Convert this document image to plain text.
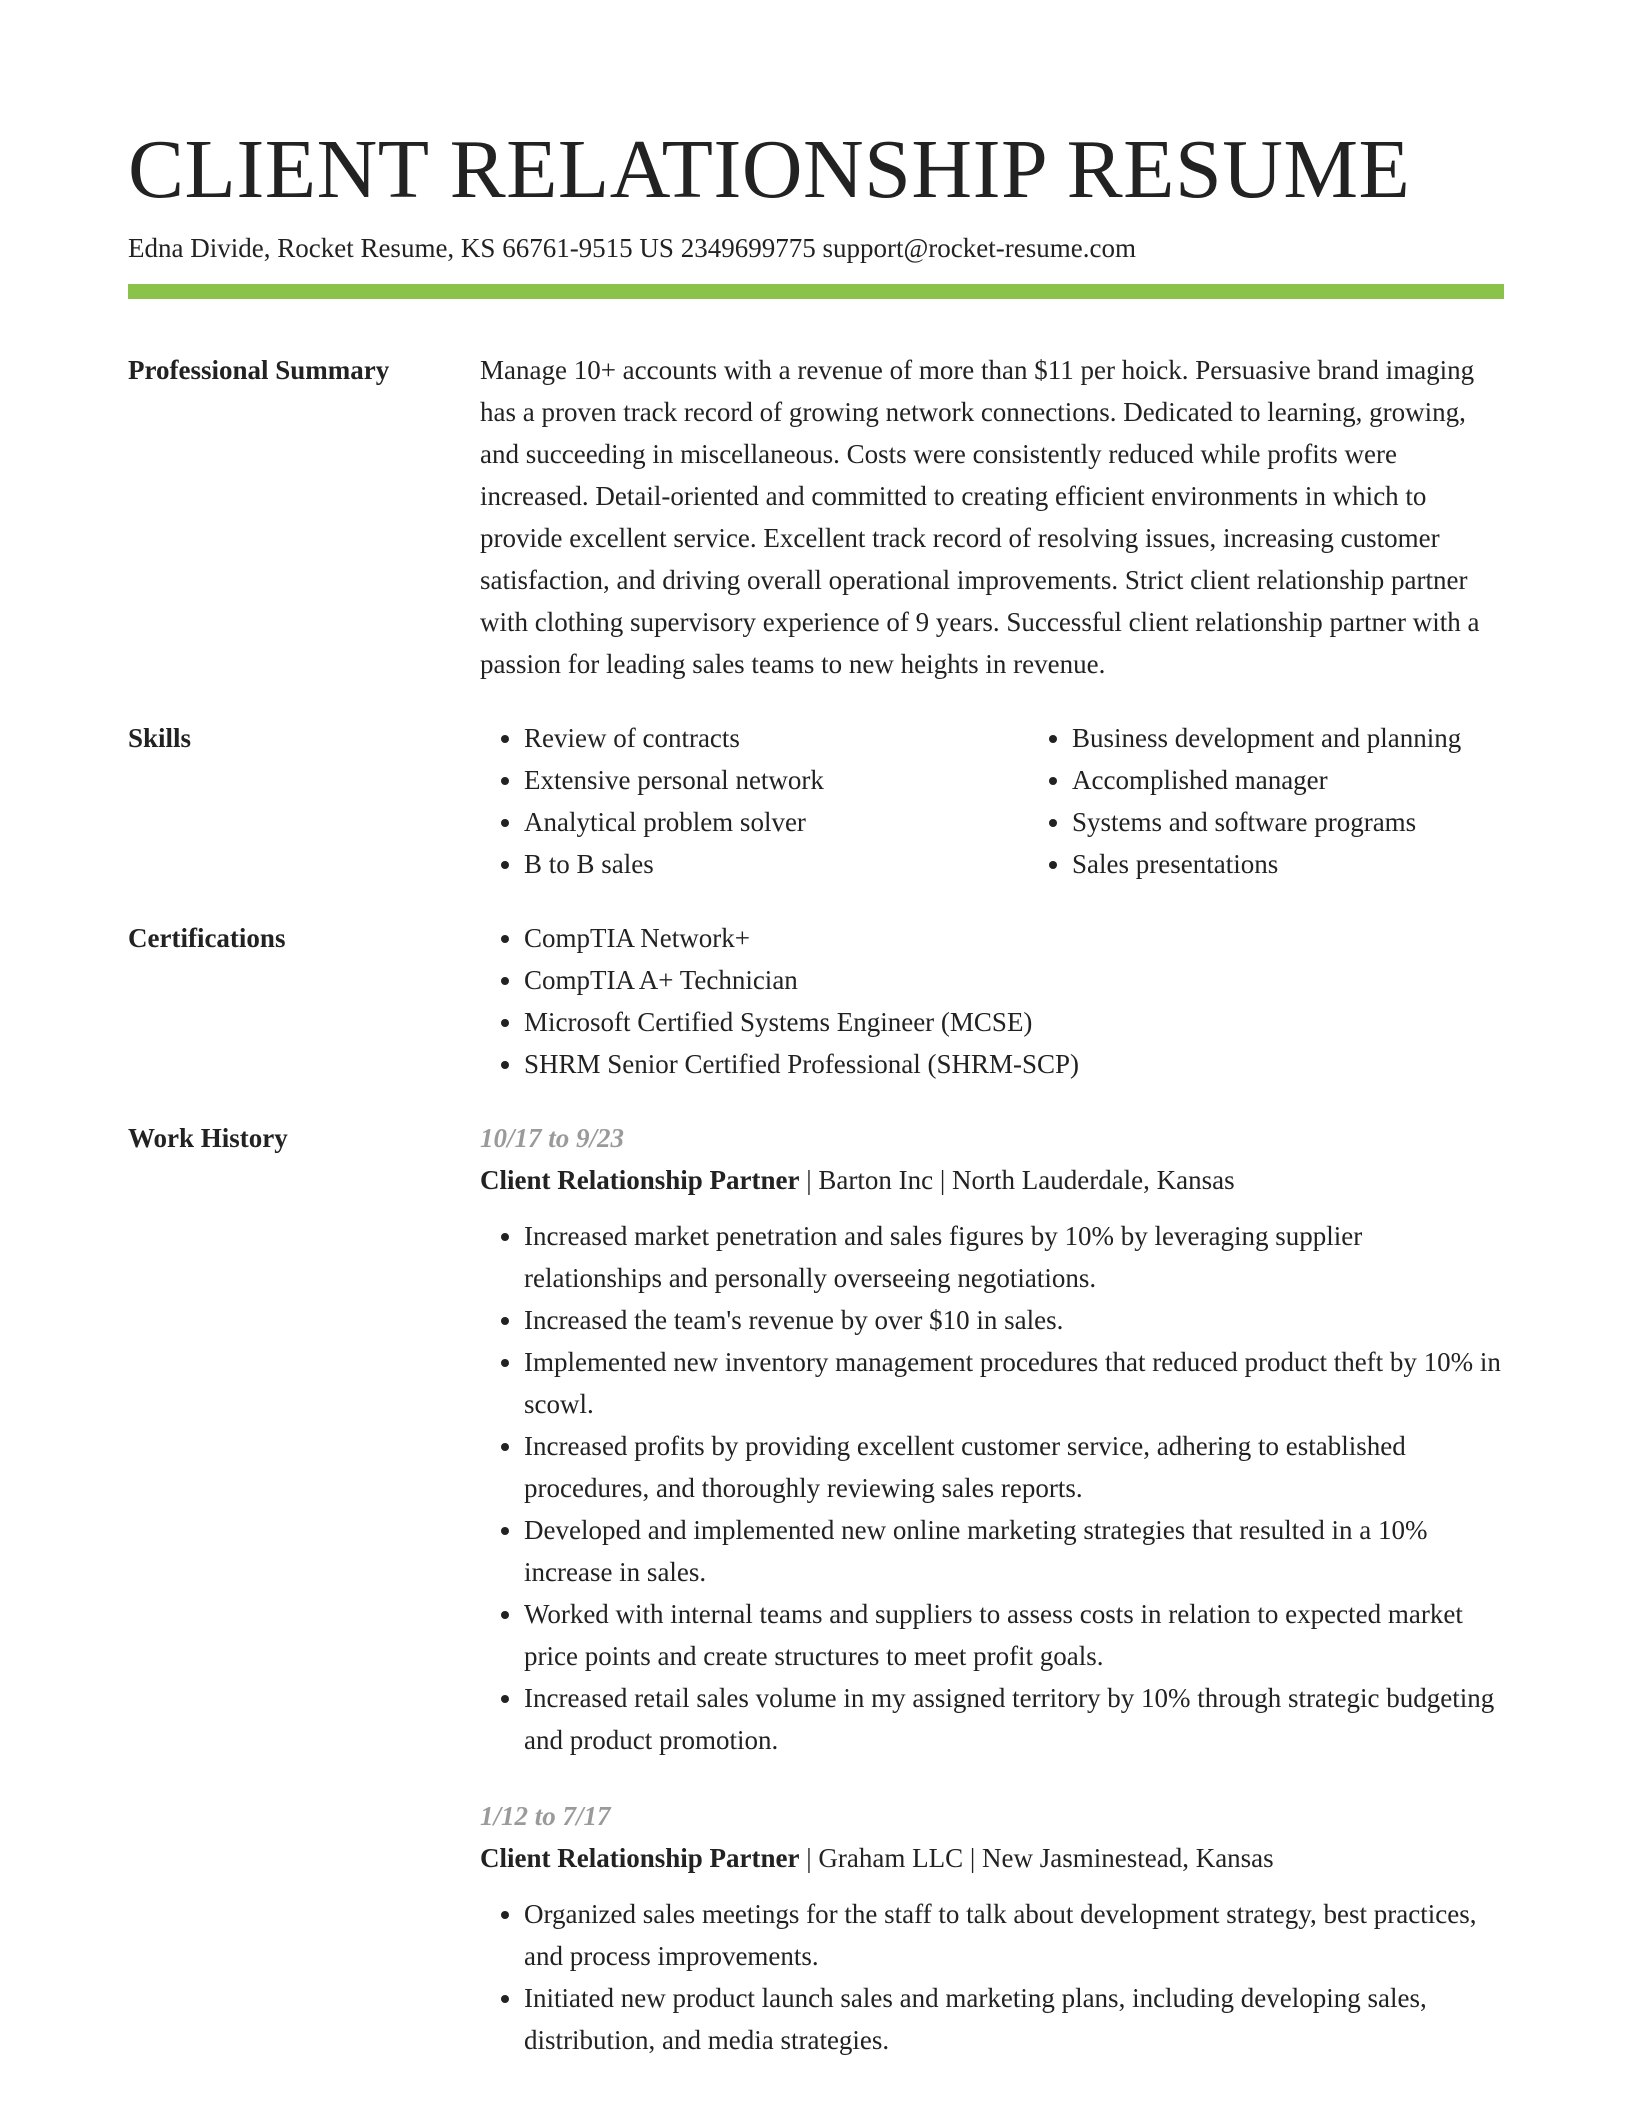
CLIENT RELATIONSHIP RESUME
Edna Divide, Rocket Resume, KS 66761-9515 US 2349699775 support@rocket-resume.com
Professional Summary	Manage 10+ accounts with a revenue of more than $11 per hoick. Persuasive brand imaging has a proven track record of growing network connections. Dedicated to learning, growing, and succeeding in miscellaneous. Costs were consistently reduced while profits were increased. Detail-oriented and committed to creating efficient environments in which to provide excellent service. Excellent track record of resolving issues, increasing customer satisfaction, and driving overall operational improvements. Strict client relationship partner with clothing supervisory experience of 9 years. Successful client relationship partner with a passion for leading sales teams to new heights in revenue.
Skills	• Review of contracts
• Extensive personal network
• Analytical problem solver
• B to B sales
• Business development and planning
• Accomplished manager
• Systems and software programs
• Sales presentations
Certifications	• CompTIA Network+
• CompTIA A+ Technician
• Microsoft Certified Systems Engineer (MCSE)
• SHRM Senior Certified Professional (SHRM-SCP)
Work History	10/17 to 9/23
Client Relationship Partner | Barton Inc | North Lauderdale, Kansas
• Increased market penetration and sales figures by 10% by leveraging supplier relationships and personally overseeing negotiations.
• Increased the team's revenue by over $10 in sales.
• Implemented new inventory management procedures that reduced product theft by 10% in scowl.
• Increased profits by providing excellent customer service, adhering to established procedures, and thoroughly reviewing sales reports.
• Developed and implemented new online marketing strategies that resulted in a 10% increase in sales.
• Worked with internal teams and suppliers to assess costs in relation to expected market price points and create structures to meet profit goals.
• Increased retail sales volume in my assigned territory by 10% through strategic budgeting and product promotion.
1/12 to 7/17
Client Relationship Partner | Graham LLC | New Jasminestead, Kansas
• Organized sales meetings for the staff to talk about development strategy, best practices, and process improvements.
• Initiated new product launch sales and marketing plans, including developing sales, distribution, and media strategies.
